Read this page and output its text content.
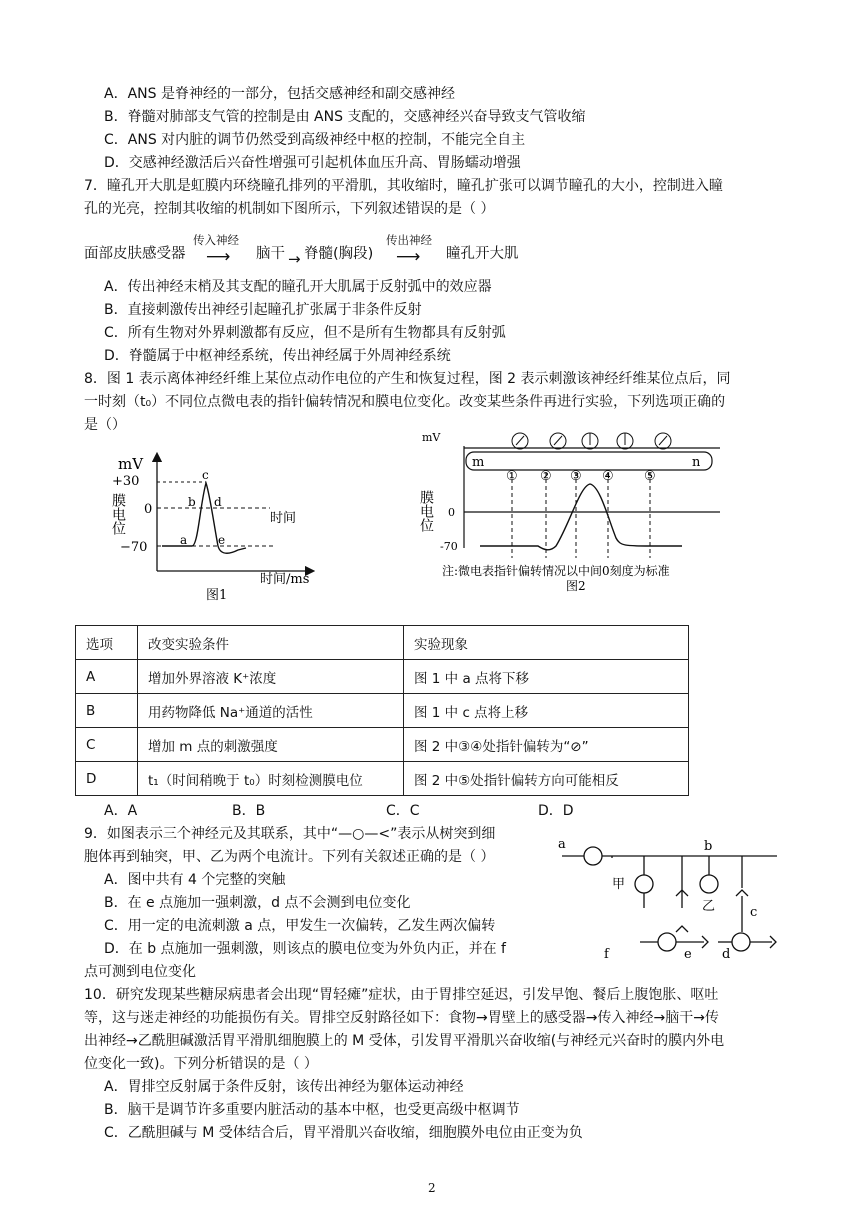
A．ANS 是脊神经的一部分，包括交感神经和副交感神经
B．脊髓对肺部支气管的控制是由 ANS 支配的，交感神经兴奋导致支气管收缩
C．ANS 对内脏的调节仍然受到高级神经中枢的控制，不能完全自主
D．交感神经激活后兴奋性增强可引起机体血压升高、胃肠蠕动增强
7．瞳孔开大肌是虹膜内环绕瞳孔排列的平滑肌，其收缩时，瞳孔扩张可以调节瞳孔的大小，控制进入瞳
孔的光亮，控制其收缩的机制如下图所示，下列叙述错误的是（ ）
面部皮肤感受器
传入神经
⟶ 脑干 → 脊髓(胸段)
传出神经
⟶ 瞳孔开大肌
A．传出神经末梢及其支配的瞳孔开大肌属于反射弧中的效应器
B．直接刺激传出神经引起瞳孔扩张属于非条件反射
C．所有生物对外界刺激都有反应，但不是所有生物都具有反射弧
D．脊髓属于中枢神经系统，传出神经属于外周神经系统
8．图 1 表示离体神经纤维上某位点动作电位的产生和恢复过程，图 2 表示刺激该神经纤维某位点后，同
一时刻（t₀）不同位点微电表的指针偏转情况和膜电位变化。改变某些条件再进行实验，下列选项正确的
是（）
mV
+30
0
−70
膜电位
a
b
c
d
e
时间
时间/ms
图1
mV
m	n
① ② ③ ④ ⑤
0
-70
膜电位
注:微电表指针偏转情况以中间0刻度为标准
图2
选项	改变实验条件	实验现象
A	增加外界溶液 K⁺浓度	图 1 中 a 点将下移
B	用药物降低 Na⁺通道的活性	图 1 中 c 点将上移
C	增加 m 点的刺激强度	图 2 中③④处指针偏转为“⊘”
D	t₁（时间稍晚于 t₀）时刻检测膜电位	图 2 中⑤处指针偏转方向可能相反
A．A	B．B	C．C	D．D
9．如图表示三个神经元及其联系，其中“—○—<”表示从树突到细
胞体再到轴突，甲、乙为两个电流计。下列有关叙述正确的是（ ）
A．图中共有 4 个完整的突触
B．在 e 点施加一强刺激，d 点不会测到电位变化
C．用一定的电流刺激 a 点，甲发生一次偏转，乙发生两次偏转
D．在 b 点施加一强刺激，则该点的膜电位变为外负内正，并在 f
点可测到电位变化
a	b
c
d
e
f
甲
乙
10．研究发现某些糖尿病患者会出现“胃轻瘫”症状，由于胃排空延迟，引发早饱、餐后上腹饱胀、呕吐
等，这与迷走神经的功能损伤有关。胃排空反射路径如下：食物→胃壁上的感受器→传入神经→脑干→传
出神经→乙酰胆碱激活胃平滑肌细胞膜上的 M 受体，引发胃平滑肌兴奋收缩(与神经元兴奋时的膜内外电
位变化一致)。下列分析错误的是（ ）
A．胃排空反射属于条件反射，该传出神经为躯体运动神经
B．脑干是调节许多重要内脏活动的基本中枢，也受更高级中枢调节
C．乙酰胆碱与 M 受体结合后，胃平滑肌兴奋收缩，细胞膜外电位由正变为负
2
